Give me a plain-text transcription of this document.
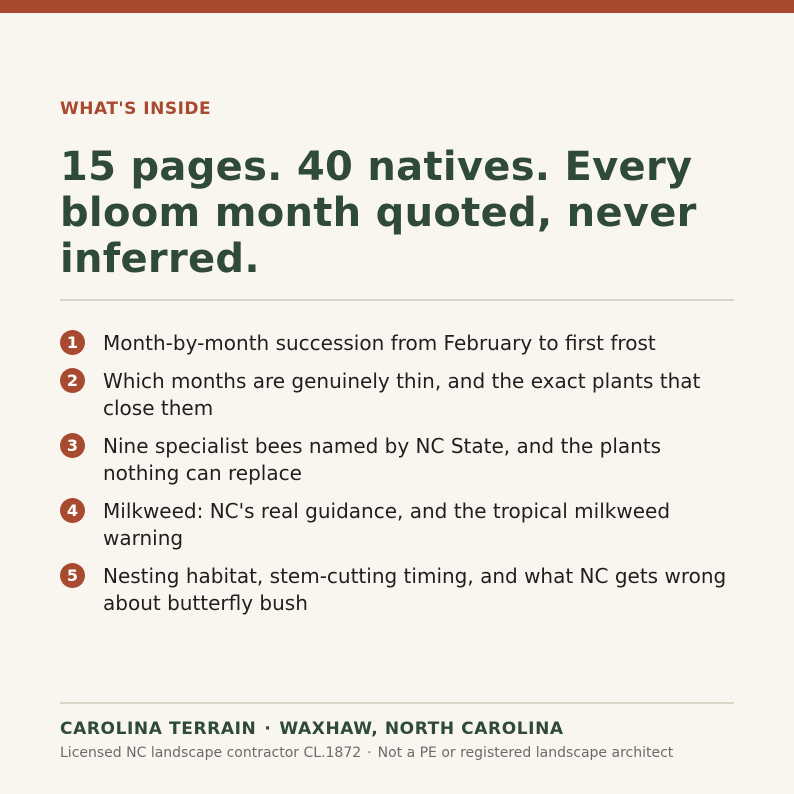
WHAT'S INSIDE

15 pages. 40 natives. Every bloom month quoted, never inferred.
1	Month-by-month succession from February to first frost
2	Which months are genuinely thin, and the exact plants that close them
3	Nine specialist bees named by NC State, and the plants nothing can replace
4	Milkweed: NC's real guidance, and the tropical milkweed warning
5	Nesting habitat, stem-cutting timing, and what NC gets wrong about butterfly bush

CAROLINA TERRAIN · WAXHAW, NORTH CAROLINA

Licensed NC landscape contractor CL.1872 · Not a PE or registered landscape architect
